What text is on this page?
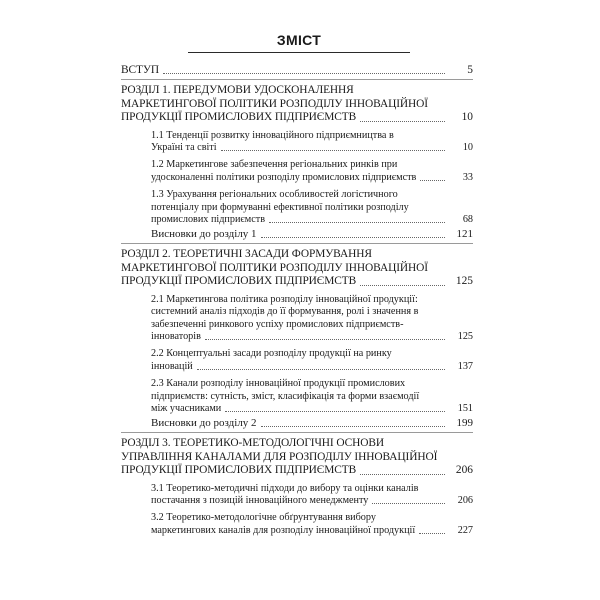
ЗМІСТ
ВСТУП	5
РОЗДІЛ 1. ПЕРЕДУМОВИ УДОСКОНАЛЕННЯ
МАРКЕТИНГОВОЇ ПОЛІТИКИ РОЗПОДІЛУ ІННОВАЦІЙНОЇ
ПРОДУКЦІЇ ПРОМИСЛОВИХ ПІДПРИЄМСТВ	10
1.1 Тенденції розвитку інноваційного підприємництва в
Україні та світі	10
1.2 Маркетингове забезпечення регіональних ринків при
удосконаленні політики розподілу промислових підприємств	33
1.3 Урахування регіональних особливостей логістичного
потенціалу при формуванні ефективної політики розподілу
промислових підприємств	68
Висновки до розділу 1	121
РОЗДІЛ 2. ТЕОРЕТИЧНІ ЗАСАДИ ФОРМУВАННЯ
МАРКЕТИНГОВОЇ ПОЛІТИКИ РОЗПОДІЛУ ІННОВАЦІЙНОЇ
ПРОДУКЦІЇ ПРОМИСЛОВИХ ПІДПРИЄМСТВ	125
2.1 Маркетингова політика розподілу інноваційної продукції:
системний аналіз підходів до її формування, ролі і значення в
забезпеченні ринкового успіху промислових підприємств-
інноваторів	125
2.2 Концептуальні засади розподілу продукції на ринку
інновацій	137
2.3 Канали розподілу інноваційної продукції промислових
підприємств: сутність, зміст, класифікація та форми взаємодії
між учасниками	151
Висновки до розділу 2	199
РОЗДІЛ 3. ТЕОРЕТИКО-МЕТОДОЛОГІЧНІ ОСНОВИ
УПРАВЛІННЯ КАНАЛАМИ ДЛЯ РОЗПОДІЛУ ІННОВАЦІЙНОЇ
ПРОДУКЦІЇ ПРОМИСЛОВИХ ПІДПРИЄМСТВ	206
3.1 Теоретико-методичні підходи до вибору та оцінки каналів
постачання з позицій інноваційного менеджменту	206
3.2 Теоретико-методологічне обґрунтування вибору
маркетингових каналів для розподілу інноваційної продукції	227
